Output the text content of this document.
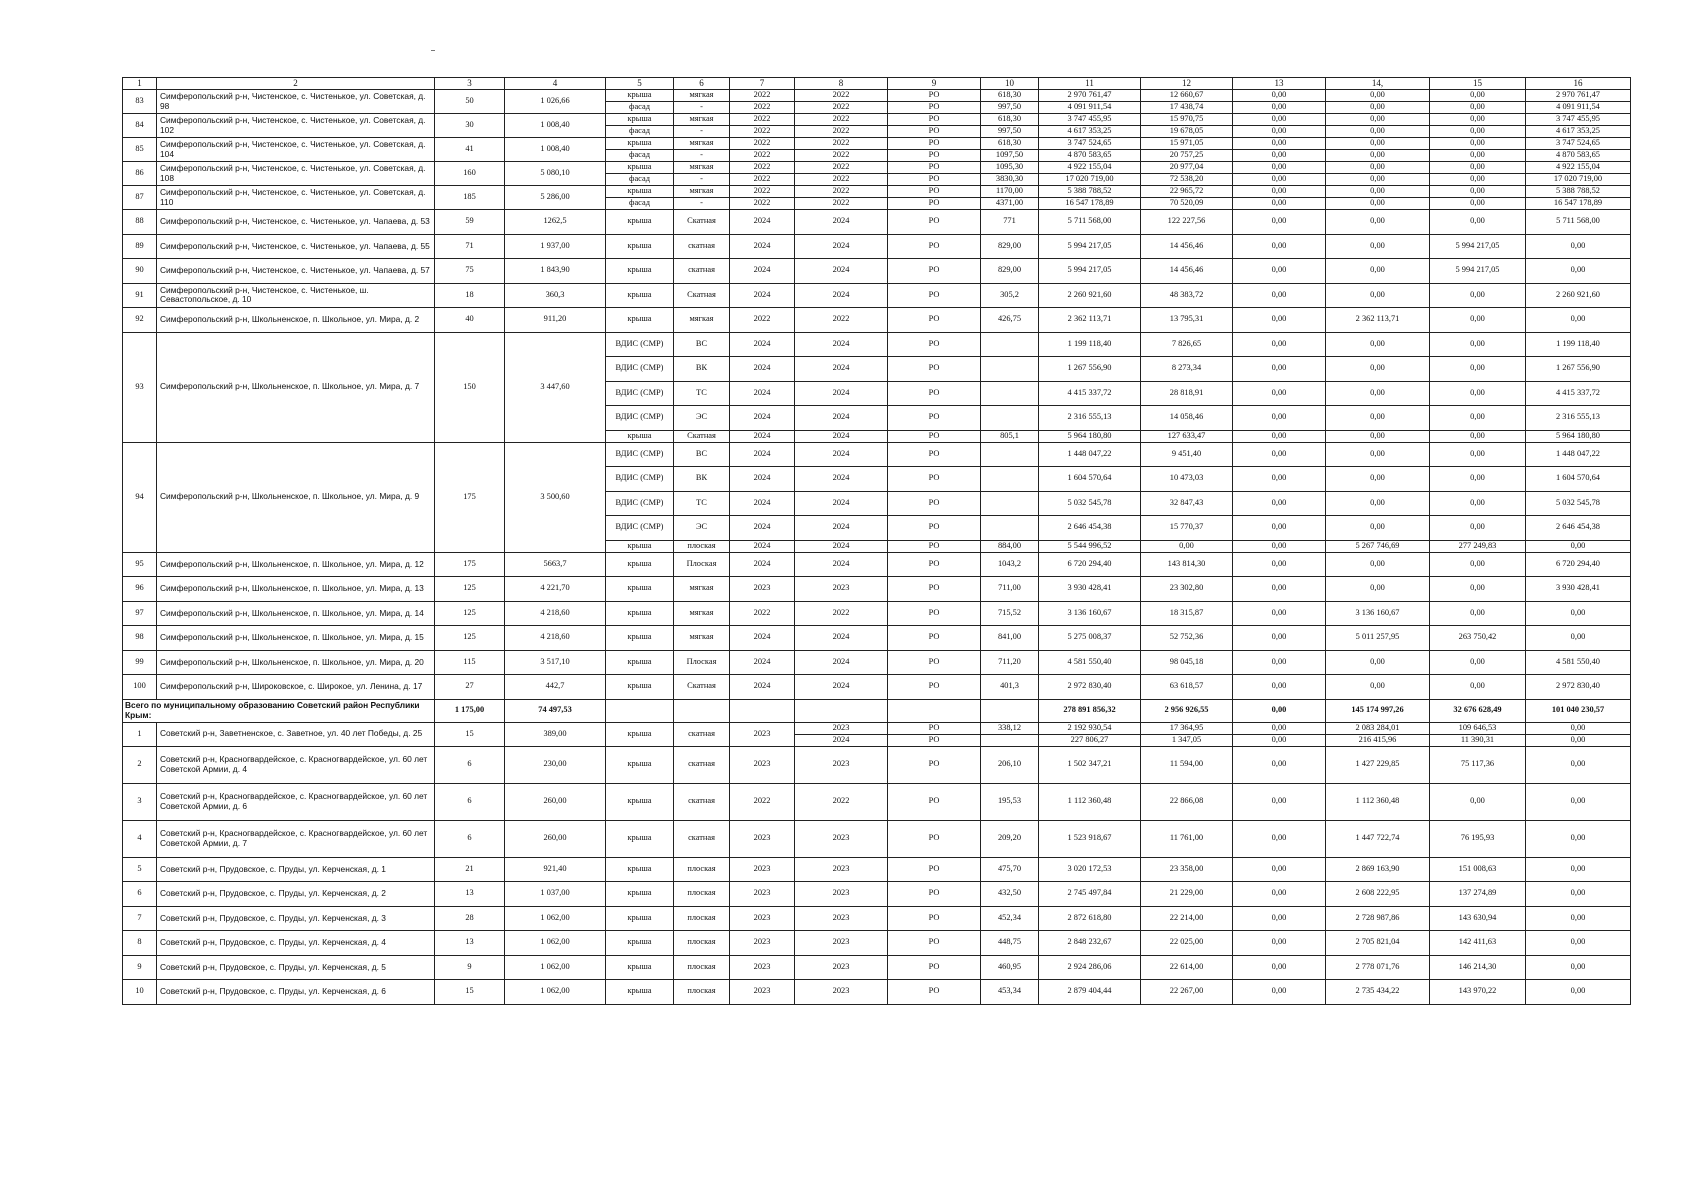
1	2	3	4	5	6	7	8	9	10	11	12	13	14,	15	16
83	Симферопольский р-н, Чистенское, с. Чистенькое, ул. Советская, д. 98	50	1 026,66	крыша	мягкая	2022	2022	РО	618,30	2 970 761,47	12 660,67	0,00	0,00	0,00	2 970 761,47
				фасад	-	2022	2022	РО	997,50	4 091 911,54	17 438,74	0,00	0,00	0,00	4 091 911,54
84	Симферопольский р-н, Чистенское, с. Чистенькое, ул. Советская, д. 102	30	1 008,40	крыша	мягкая	2022	2022	РО	618,30	3 747 455,95	15 970,75	0,00	0,00	0,00	3 747 455,95
				фасад	-	2022	2022	РО	997,50	4 617 353,25	19 678,05	0,00	0,00	0,00	4 617 353,25
85	Симферопольский р-н, Чистенское, с. Чистенькое, ул. Советская, д. 104	41	1 008,40	крыша	мягкая	2022	2022	РО	618,30	3 747 524,65	15 971,05	0,00	0,00	0,00	3 747 524,65
				фасад	-	2022	2022	РО	1097,50	4 870 583,65	20 757,25	0,00	0,00	0,00	4 870 583,65
86	Симферопольский р-н, Чистенское, с. Чистенькое, ул. Советская, д. 108	160	5 080,10	крыша	мягкая	2022	2022	РО	1095,30	4 922 155,04	20 977,04	0,00	0,00	0,00	4 922 155,04
				фасад	-	2022	2022	РО	3830,30	17 020 719,00	72 538,20	0,00	0,00	0,00	17 020 719,00
87	Симферопольский р-н, Чистенское, с. Чистенькое, ул. Советская, д. 110	185	5 286,00	крыша	мягкая	2022	2022	РО	1170,00	5 388 788,52	22 965,72	0,00	0,00	0,00	5 388 788,52
				фасад	-	2022	2022	РО	4371,00	16 547 178,89	70 520,09	0,00	0,00	0,00	16 547 178,89
88	Симферопольский р-н, Чистенское, с. Чистенькое, ул. Чапаева, д. 53	59	1262,5	крыша	Скатная	2024	2024	РО	771	5 711 568,00	122 227,56	0,00	0,00	0,00	5 711 568,00
89	Симферопольский р-н, Чистенское, с. Чистенькое, ул. Чапаева, д. 55	71	1 937,00	крыша	скатная	2024	2024	РО	829,00	5 994 217,05	14 456,46	0,00	0,00	5 994 217,05	0,00
90	Симферопольский р-н, Чистенское, с. Чистенькое, ул. Чапаева, д. 57	75	1 843,90	крыша	скатная	2024	2024	РО	829,00	5 994 217,05	14 456,46	0,00	0,00	5 994 217,05	0,00
91	Симферопольский р-н, Чистенское, с. Чистенькое, ш. Севастопольское, д. 10	18	360,3	крыша	Скатная	2024	2024	РО	305,2	2 260 921,60	48 383,72	0,00	0,00	0,00	2 260 921,60
92	Симферопольский р-н, Школьненское, п. Школьное, ул. Мира, д. 2	40	911,20	крыша	мягкая	2022	2022	РО	426,75	2 362 113,71	13 795,31	0,00	2 362 113,71	0,00	0,00
93	Симферопольский р-н, Школьненское, п. Школьное, ул. Мира, д. 7	150	3 447,60	ВДИС (СМР)	ВС	2024	2024	РО		1 199 118,40	7 826,65	0,00	0,00	0,00	1 199 118,40
				ВДИС (СМР)	ВК	2024	2024	РО		1 267 556,90	8 273,34	0,00	0,00	0,00	1 267 556,90
				ВДИС (СМР)	ТС	2024	2024	РО		4 415 337,72	28 818,91	0,00	0,00	0,00	4 415 337,72
				ВДИС (СМР)	ЭС	2024	2024	РО		2 316 555,13	14 058,46	0,00	0,00	0,00	2 316 555,13
				крыша	Скатная	2024	2024	РО	805,1	5 964 180,80	127 633,47	0,00	0,00	0,00	5 964 180,80
94	Симферопольский р-н, Школьненское, п. Школьное, ул. Мира, д. 9	175	3 500,60	ВДИС (СМР)	ВС	2024	2024	РО		1 448 047,22	9 451,40	0,00	0,00	0,00	1 448 047,22
				ВДИС (СМР)	ВК	2024	2024	РО		1 604 570,64	10 473,03	0,00	0,00	0,00	1 604 570,64
				ВДИС (СМР)	ТС	2024	2024	РО		5 032 545,78	32 847,43	0,00	0,00	0,00	5 032 545,78
				ВДИС (СМР)	ЭС	2024	2024	РО		2 646 454,38	15 770,37	0,00	0,00	0,00	2 646 454,38
				крыша	плоская	2024	2024	РО	884,00	5 544 996,52	0,00	0,00	5 267 746,69	277 249,83	0,00
95	Симферопольский р-н, Школьненское, п. Школьное, ул. Мира, д. 12	175	5663,7	крыша	Плоская	2024	2024	РО	1043,2	6 720 294,40	143 814,30	0,00	0,00	0,00	6 720 294,40
96	Симферопольский р-н, Школьненское, п. Школьное, ул. Мира, д. 13	125	4 221,70	крыша	мягкая	2023	2023	РО	711,00	3 930 428,41	23 302,80	0,00	0,00	0,00	3 930 428,41
97	Симферопольский р-н, Школьненское, п. Школьное, ул. Мира, д. 14	125	4 218,60	крыша	мягкая	2022	2022	РО	715,52	3 136 160,67	18 315,87	0,00	3 136 160,67	0,00	0,00
98	Симферопольский р-н, Школьненское, п. Школьное, ул. Мира, д. 15	125	4 218,60	крыша	мягкая	2024	2024	РО	841,00	5 275 008,37	52 752,36	0,00	5 011 257,95	263 750,42	0,00
99	Симферопольский р-н, Школьненское, п. Школьное, ул. Мира, д. 20	115	3 517,10	крыша	Плоская	2024	2024	РО	711,20	4 581 550,40	98 045,18	0,00	0,00	0,00	4 581 550,40
100	Симферопольский р-н, Широковское, с. Широкое, ул. Ленина, д. 17	27	442,7	крыша	Скатная	2024	2024	РО	401,3	2 972 830,40	63 618,57	0,00	0,00	0,00	2 972 830,40
Всего по муниципальному образованию Советский район Республики Крым:		1 175,00	74 497,53							278 891 856,32	2 956 926,55	0,00	145 174 997,26	32 676 628,49	101 040 230,57
1	Советский р-н, Заветненское, с. Заветное, ул. 40 лет Победы, д. 25	15	389,00	крыша	скатная	2023	2023	РО	338,12	2 192 930,54	17 364,95	0,00	2 083 284,01	109 646,53	0,00
							2024	РО		227 806,27	1 347,05	0,00	216 415,96	11 390,31	0,00
2	Советский р-н, Красногвардейское, с. Красногвардейское, ул. 60 лет Советской Армии, д. 4	6	230,00	крыша	скатная	2023	2023	РО	206,10	1 502 347,21	11 594,00	0,00	1 427 229,85	75 117,36	0,00
3	Советский р-н, Красногвардейское, с. Красногвардейское, ул. 60 лет Советской Армии, д. 6	6	260,00	крыша	скатная	2022	2022	РО	195,53	1 112 360,48	22 866,08	0,00	1 112 360,48	0,00	0,00
4	Советский р-н, Красногвардейское, с. Красногвардейское, ул. 60 лет Советской Армии, д. 7	6	260,00	крыша	скатная	2023	2023	РО	209,20	1 523 918,67	11 761,00	0,00	1 447 722,74	76 195,93	0,00
5	Советский р-н, Прудовское, с. Пруды, ул. Керченская, д. 1	21	921,40	крыша	плоская	2023	2023	РО	475,70	3 020 172,53	23 358,00	0,00	2 869 163,90	151 008,63	0,00
6	Советский р-н, Прудовское, с. Пруды, ул. Керченская, д. 2	13	1 037,00	крыша	плоская	2023	2023	РО	432,50	2 745 497,84	21 229,00	0,00	2 608 222,95	137 274,89	0,00
7	Советский р-н, Прудовское, с. Пруды, ул. Керченская, д. 3	28	1 062,00	крыша	плоская	2023	2023	РО	452,34	2 872 618,80	22 214,00	0,00	2 728 987,86	143 630,94	0,00
8	Советский р-н, Прудовское, с. Пруды, ул. Керченская, д. 4	13	1 062,00	крыша	плоская	2023	2023	РО	448,75	2 848 232,67	22 025,00	0,00	2 705 821,04	142 411,63	0,00
9	Советский р-н, Прудовское, с. Пруды, ул. Керченская, д. 5	9	1 062,00	крыша	плоская	2023	2023	РО	460,95	2 924 286,06	22 614,00	0,00	2 778 071,76	146 214,30	0,00
10	Советский р-н, Прудовское, с. Пруды, ул. Керченская, д. 6	15	1 062,00	крыша	плоская	2023	2023	РО	453,34	2 879 404,44	22 267,00	0,00	2 735 434,22	143 970,22	0,00
